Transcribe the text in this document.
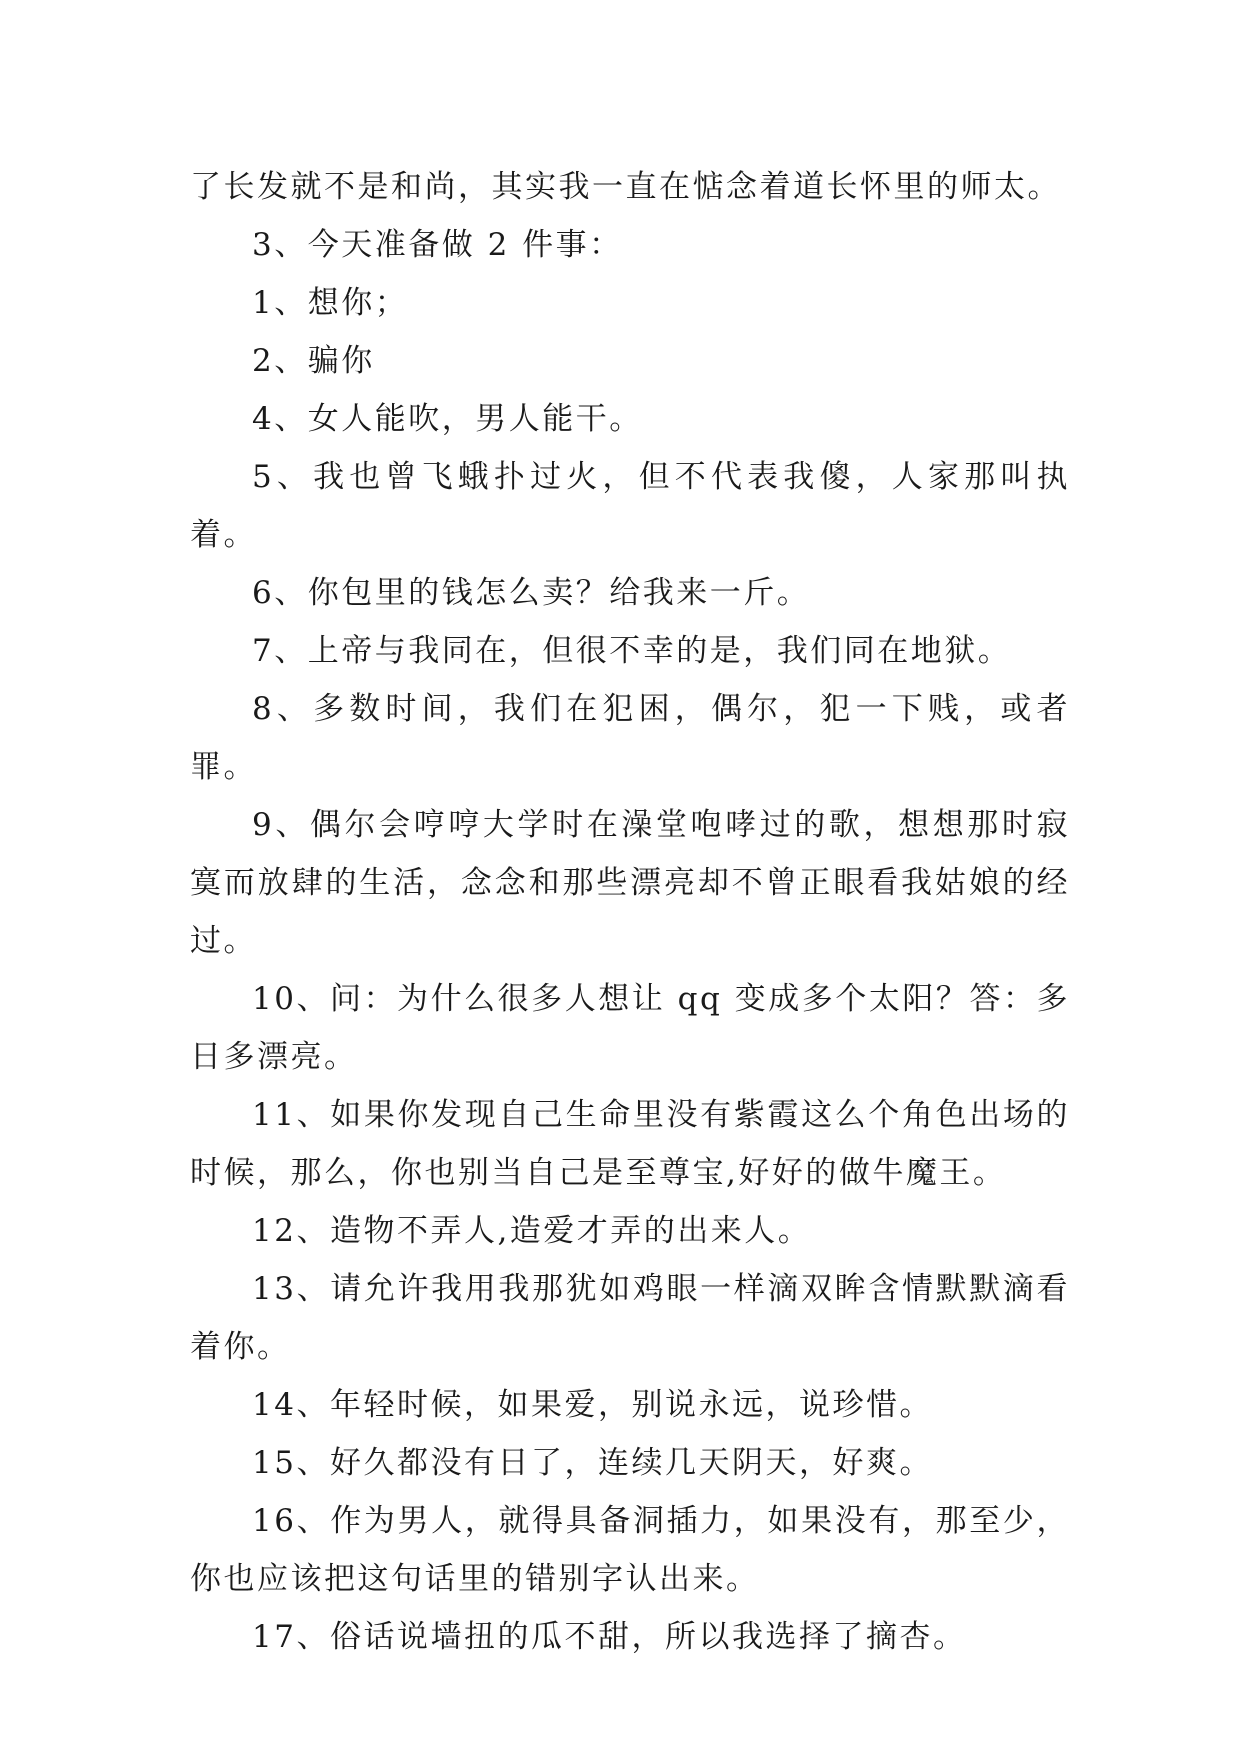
了长发就不是和尚，其实我一直在惦念着道长怀里的师太。

3、今天准备做 2 件事：

1、想你；

2、骗你

4、女人能吹，男人能干。

5、我也曾飞蛾扑过火，但不代表我傻，人家那叫执着。

6、你包里的钱怎么卖？给我来一斤。

7、上帝与我同在，但很不幸的是，我们同在地狱。

8、多数时间，我们在犯困，偶尔，犯一下贱，或者罪。

9、偶尔会哼哼大学时在澡堂咆哮过的歌，想想那时寂寞而放肆的生活，念念和那些漂亮却不曾正眼看我姑娘的经过。

10、问：为什么很多人想让 qq 变成多个太阳？答：多日多漂亮。

11、如果你发现自己生命里没有紫霞这么个角色出场的时候，那么，你也别当自己是至尊宝,好好的做牛魔王。

12、造物不弄人,造爱才弄的出来人。

13、请允许我用我那犹如鸡眼一样滴双眸含情默默滴看着你。

14、年轻时候，如果爱，别说永远，说珍惜。

15、好久都没有日了，连续几天阴天，好爽。

16、作为男人，就得具备洞插力，如果没有，那至少，你也应该把这句话里的错别字认出来。

17、俗话说墙扭的瓜不甜，所以我选择了摘杏。
